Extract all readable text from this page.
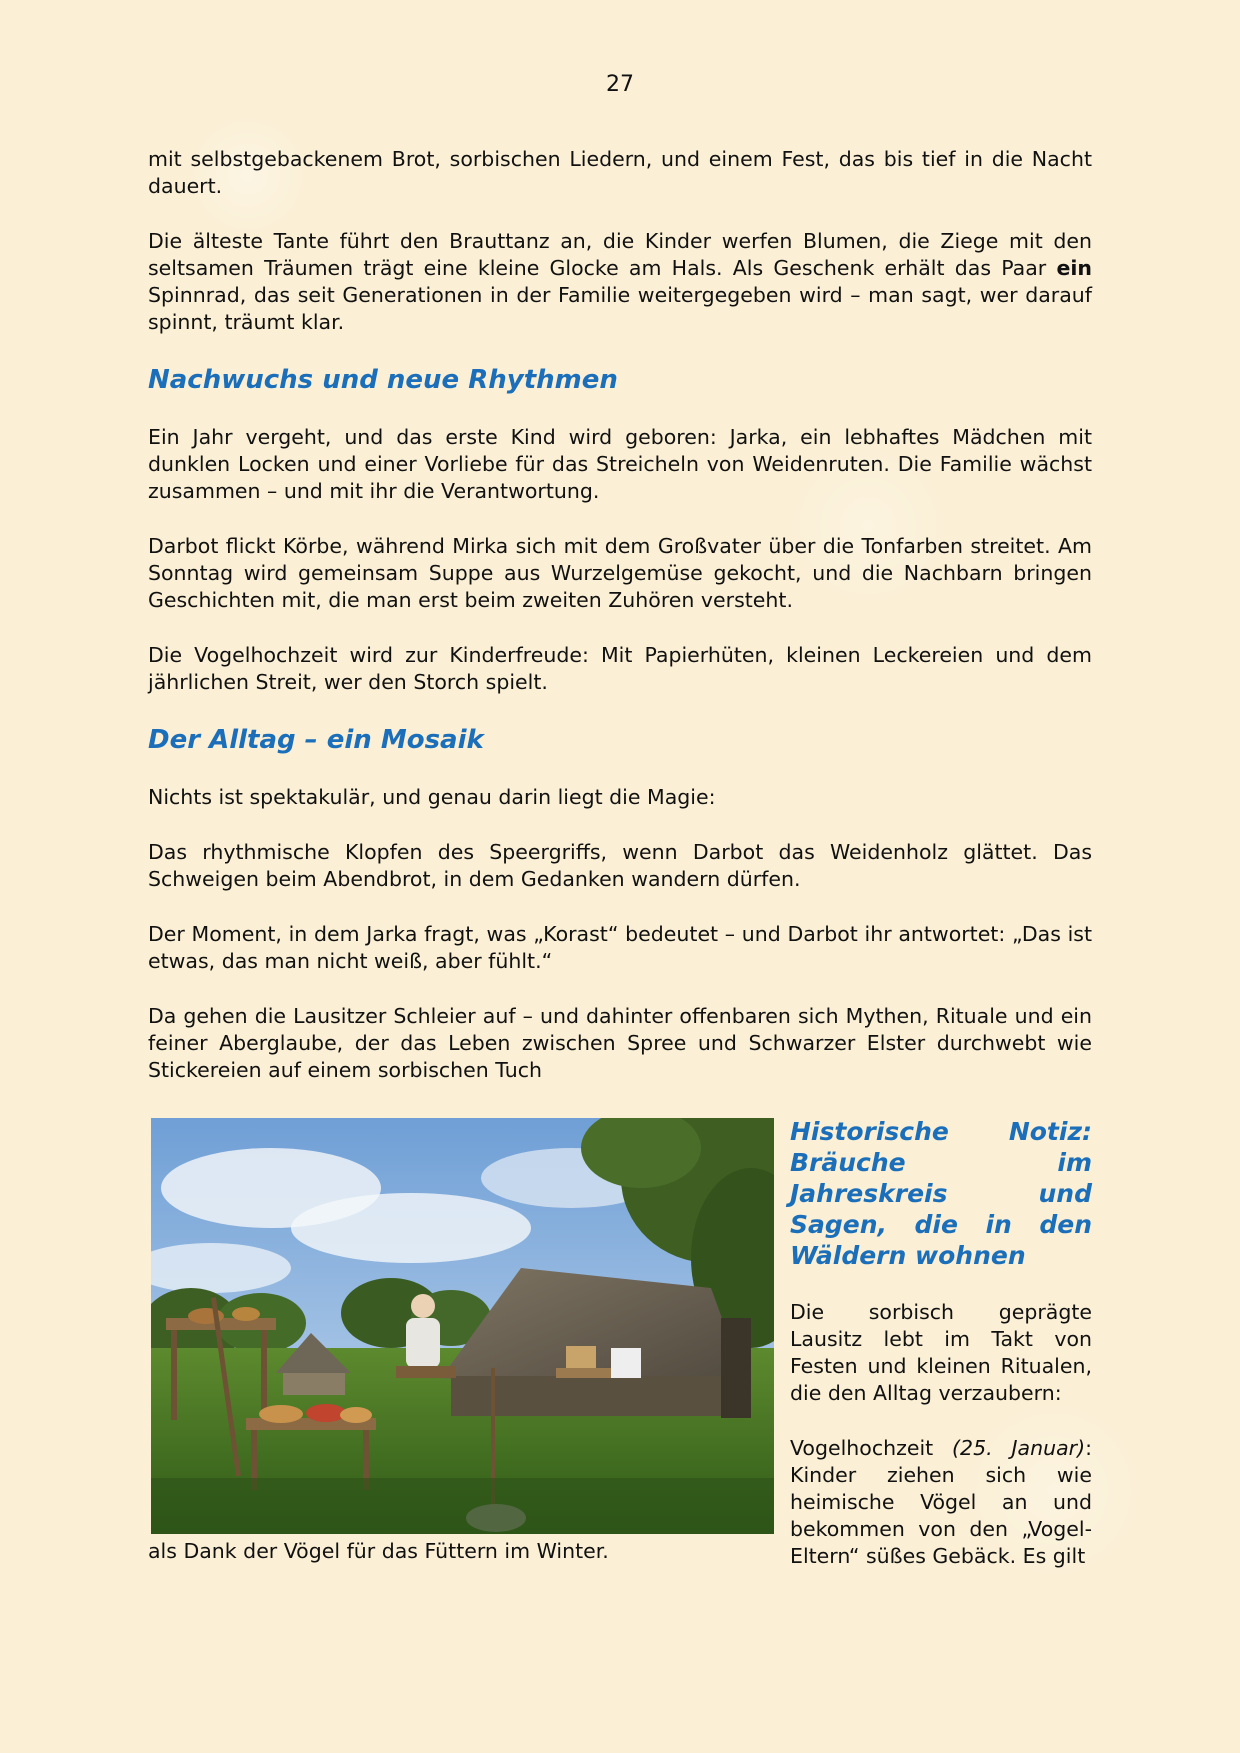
27

mit selbstgebackenem Brot, sorbischen Liedern, und einem Fest, das bis tief in die Nacht dauert.

Die älteste Tante führt den Brauttanz an, die Kinder werfen Blumen, die Ziege mit den seltsamen Träumen trägt eine kleine Glocke am Hals. Als Geschenk erhält das Paar ein Spinnrad, das seit Generationen in der Familie weitergegeben wird – man sagt, wer darauf spinnt, träumt klar.

Nachwuchs und neue Rhythmen

Ein Jahr vergeht, und das erste Kind wird geboren: Jarka, ein lebhaftes Mädchen mit dunklen Locken und einer Vorliebe für das Streicheln von Weidenruten. Die Familie wächst zusammen – und mit ihr die Verantwortung.

Darbot flickt Körbe, während Mirka sich mit dem Großvater über die Tonfarben streitet. Am Sonntag wird gemeinsam Suppe aus Wurzelgemüse gekocht, und die Nachbarn bringen Geschichten mit, die man erst beim zweiten Zuhören versteht.

Die Vogelhochzeit wird zur Kinderfreude: Mit Papierhüten, kleinen Leckereien und dem jährlichen Streit, wer den Storch spielt.

Der Alltag – ein Mosaik

Nichts ist spektakulär, und genau darin liegt die Magie:

Das rhythmische Klopfen des Speergriffs, wenn Darbot das Weidenholz glättet. Das Schweigen beim Abendbrot, in dem Gedanken wandern dürfen.

Der Moment, in dem Jarka fragt, was „Korast“ bedeutet – und Darbot ihr antwortet: „Das ist etwas, das man nicht weiß, aber fühlt.“

Da gehen die Lausitzer Schleier auf – und dahinter offenbaren sich Mythen, Rituale und ein feiner Aberglaube, der das Leben zwischen Spree und Schwarzer Elster durchwebt wie Stickereien auf einem sorbischen Tuch

Historische Notiz: Bräuche im Jahreskreis und Sagen, die in den Wäldern wohnen

Die sorbisch geprägte Lausitz lebt im Takt von Festen und kleinen Ritualen, die den Alltag verzaubern:

Vogelhochzeit (25. Januar): Kinder ziehen sich wie heimische Vögel an und bekommen von den „Vogel-Eltern“ süßes Gebäck. Es gilt

als Dank der Vögel für das Füttern im Winter.
